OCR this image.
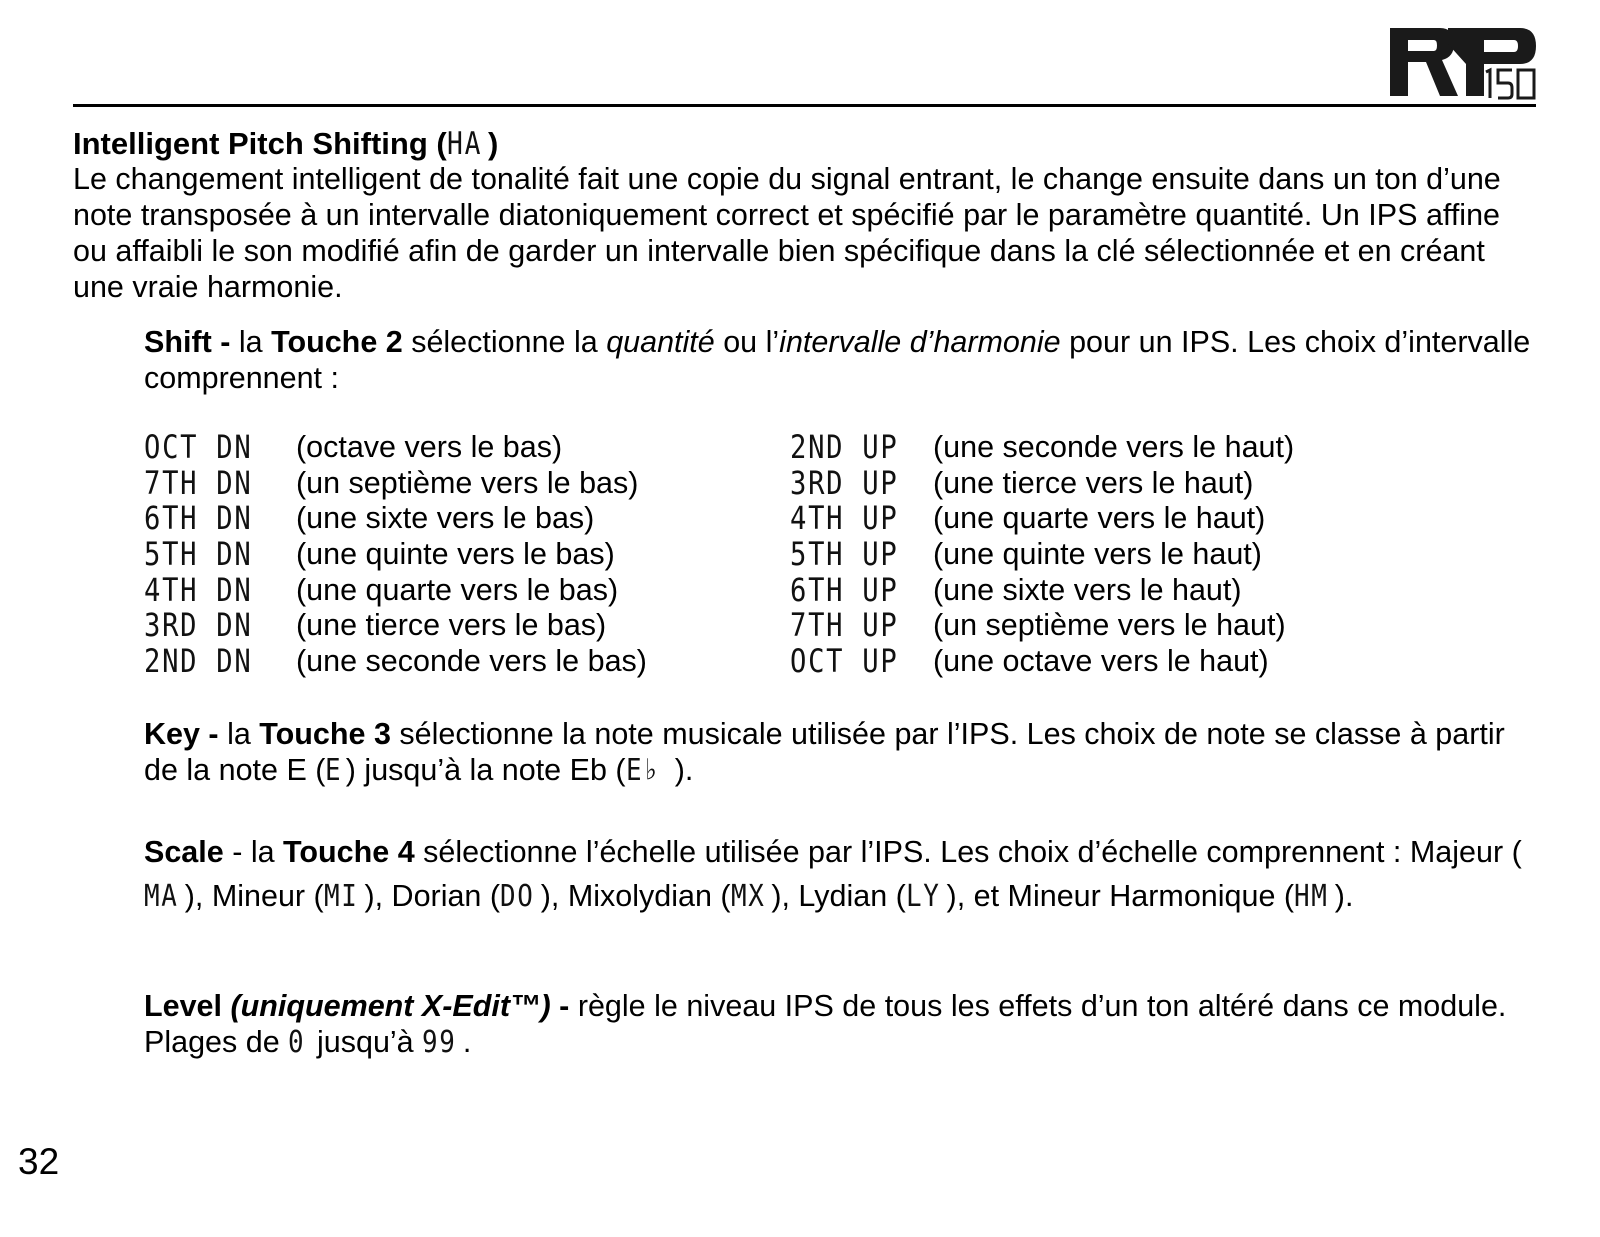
Intelligent Pitch Shifting (HA )
Le changement intelligent de tonalité fait une copie du signal entrant, le change ensuite dans un ton d’une note transposée à un intervalle diatoniquement correct et spécifié par le paramètre quantité. Un IPS affine ou affaibli le son modifié afin de garder un intervalle bien spécifique dans la clé sélectionnée et en créant une vraie harmonie.
Shift - la Touche 2 sélectionne la quantité ou l’intervalle d’harmonie pour un IPS. Les choix d’intervalle comprennent :
OCT DN (octave vers le bas)
7TH DN (un septième vers le bas)
6TH DN (une sixte vers le bas)
5TH DN (une quinte vers le bas)
4TH DN (une quarte vers le bas)
3RD DN (une tierce vers le bas)
2ND DN (une seconde vers le bas)
2ND UP (une seconde vers le haut)
3RD UP (une tierce vers le haut)
4TH UP (une quarte vers le haut)
5TH UP (une quinte vers le haut)
6TH UP (une sixte vers le haut)
7TH UP (un septième vers le haut)
OCT UP (une octave vers le haut)
Key - la Touche 3 sélectionne la note musicale utilisée par l’IPS. Les choix de note se classe à partir de la note E (E ) jusqu’à la note Eb (E♭ ).
Scale - la Touche 4 sélectionne l’échelle utilisée par l’IPS. Les choix d’échelle comprennent : Majeur (MA ), Mineur (MI ), Dorian (DO ), Mixolydian (MX ), Lydian (LY ), et Mineur Harmonique (HM ).
Level (uniquement X-Edit™) - règle le niveau IPS de tous les effets d’un ton altéré dans ce module. Plages de 0 jusqu’à 99 .
32
